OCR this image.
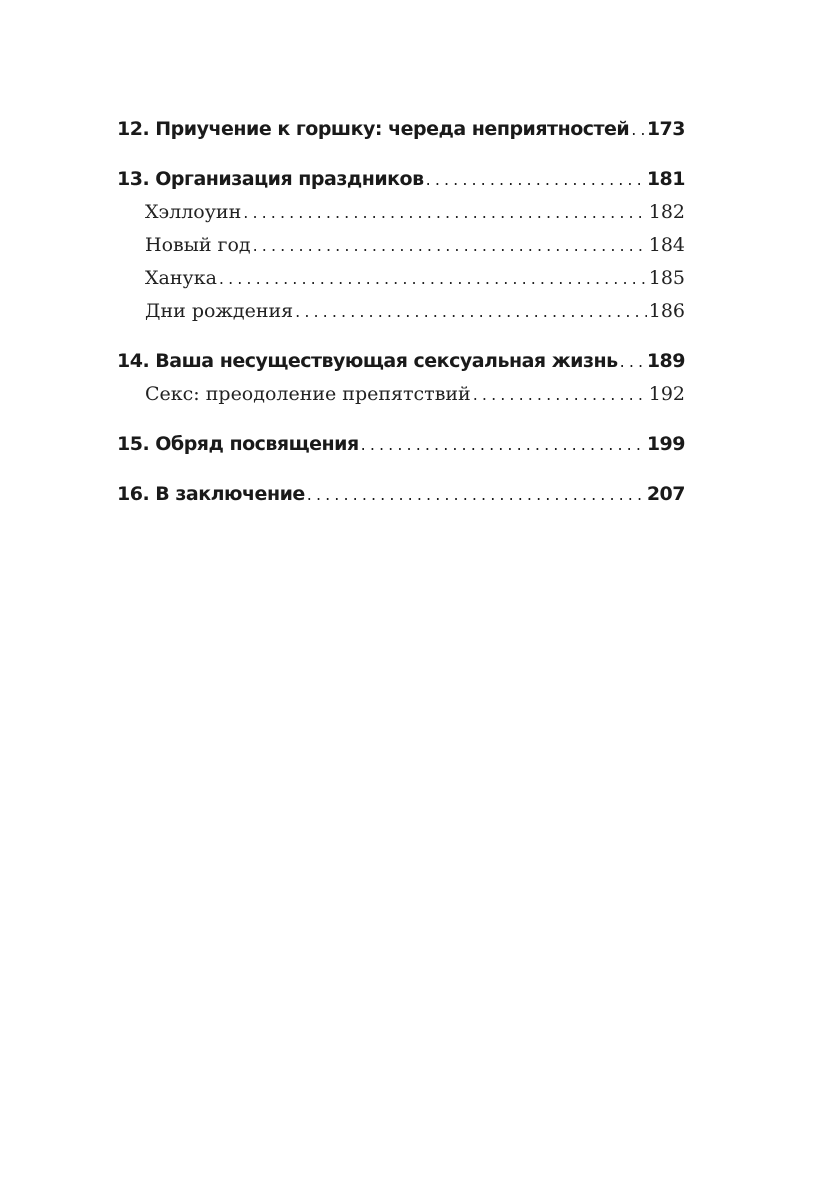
12. Приучение к горшку: череда неприятностей . . . 173
13. Организация праздников . . .	181
Хэллоуин . . .	182
Новый год . . .	184
Ханука . . .	185
Дни рождения . . .	186
14. Ваша несуществующая сексуальная жизнь . . . 189
Секс: преодоление препятствий . . .	192
15. Обряд посвящения . . .	199
16. В заключение . . .	207
